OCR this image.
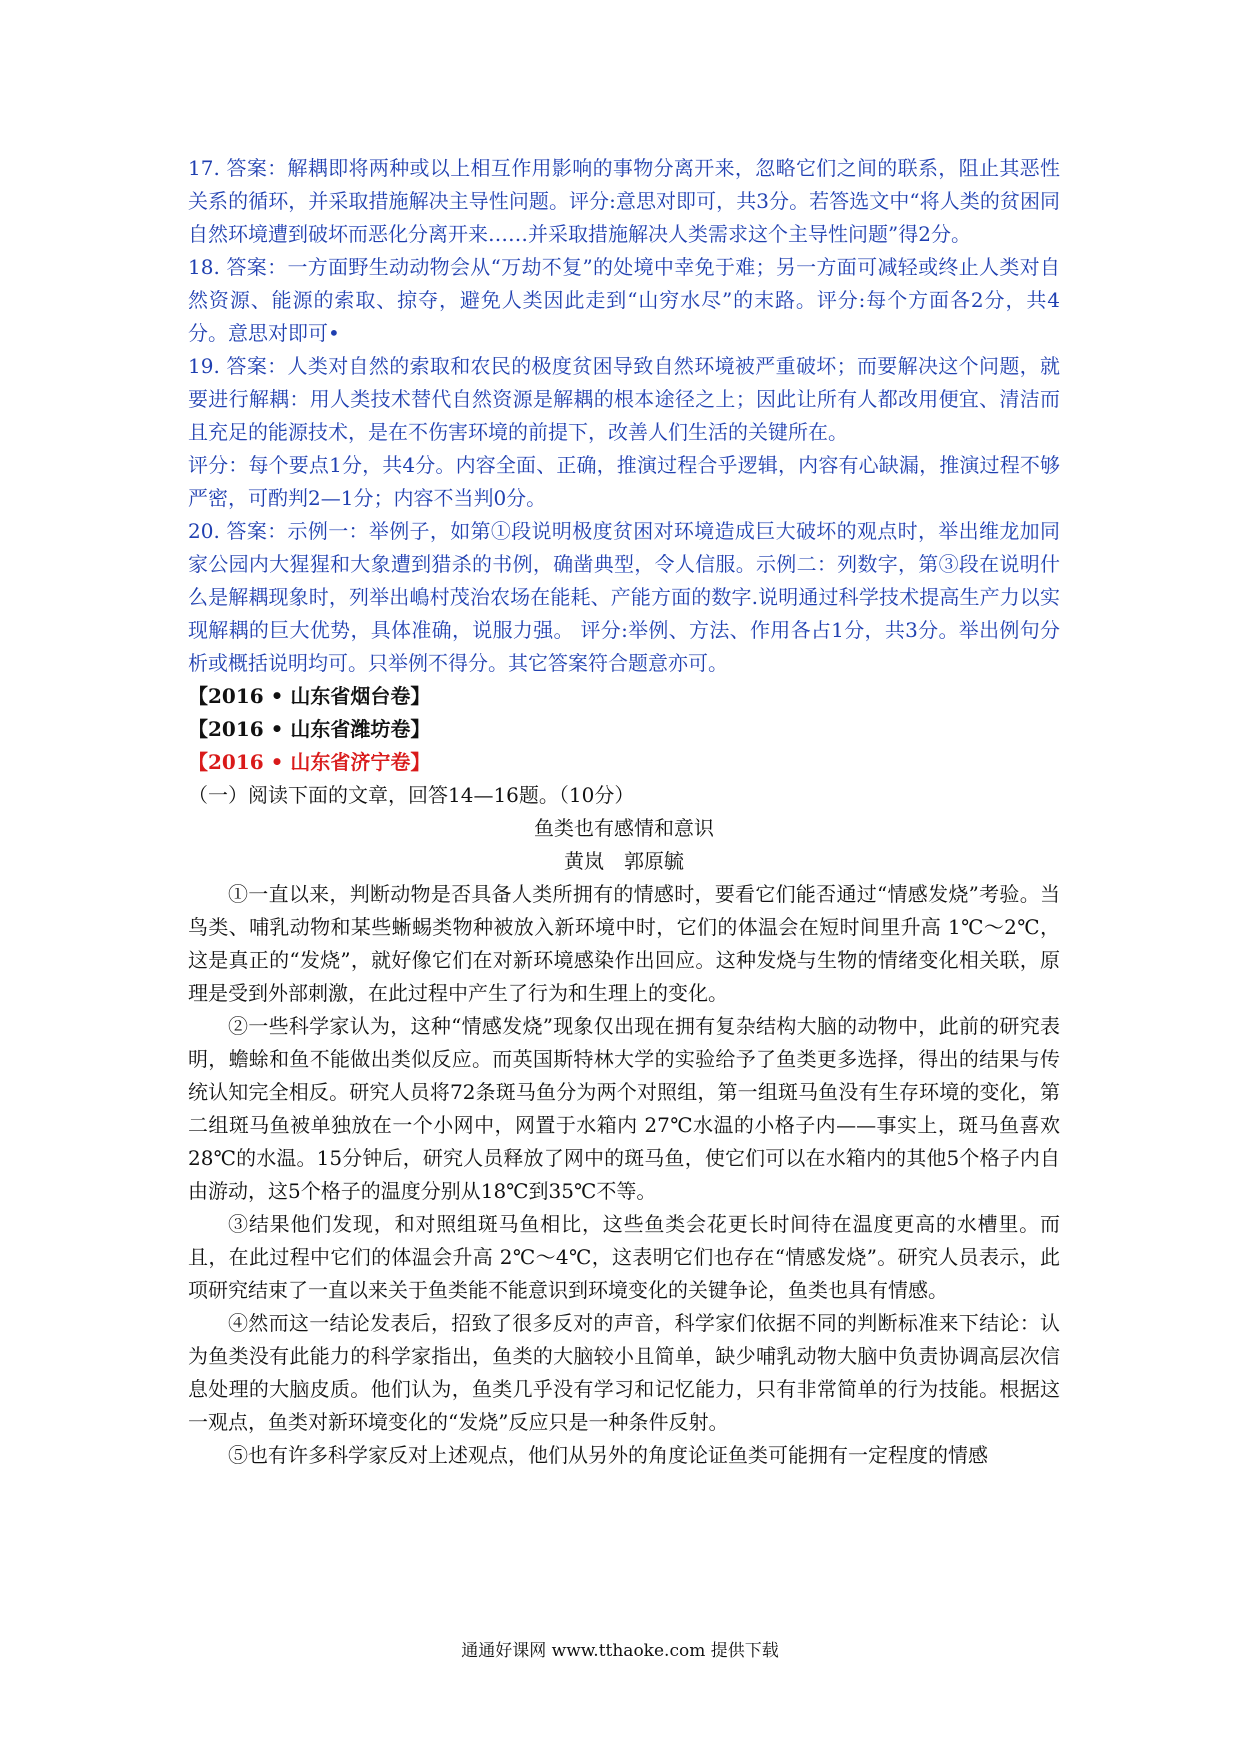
17. 答案：解耦即将两种或以上相互作用影响的事物分离开来，忽略它们之间的联系，阻止其恶性关系的循环，并采取措施解决主导性问题。评分:意思对即可，共3分。若答选文中“将人类的贫困同自然环境遭到破坏而恶化分离开来……并采取措施解决人类需求这个主导性问题”得2分。

18. 答案：一方面野生动动物会从“万劫不复”的处境中幸免于难；另一方面可减轻或终止人类对自然资源、能源的索取、掠夺，避免人类因此走到“山穷水尽”的末路。评分:每个方面各2分，共4分。意思对即可•

19. 答案：人类对自然的索取和农民的极度贫困导致自然环境被严重破坏；而要解决这个问题，就要进行解耦：用人类技术替代自然资源是解耦的根本途径之上；因此让所有人都改用便宜、清洁而且充足的能源技术，是在不伤害环境的前提下，改善人们生活的关键所在。

评分：每个要点1分，共4分。内容全面、正确，推演过程合乎逻辑，内容有心缺漏，推演过程不够严密，可酌判2—1分；内容不当判0分。

20. 答案：示例一：举例子，如第①段说明极度贫困对环境造成巨大破坏的观点时，举出维龙加同家公园内大猩猩和大象遭到猎杀的书例，确凿典型，令人信服。示例二：列数字，第③段在说明什么是解耦现象时，列举出嶋村茂治农场在能耗、产能方面的数字.说明通过科学技术提高生产力以实现解耦的巨大优势，具体准确，说服力强。 评分:举例、方法、作用各占1分，共3分。举出例句分析或概括说明均可。只举例不得分。其它答案符合题意亦可。

【2016 • 山东省烟台卷】

【2016 • 山东省潍坊卷】

【2016 • 山东省济宁卷】

（一）阅读下面的文章，回答14—16题。（10分）

鱼类也有感情和意识

黄岚　郭原毓

①一直以来，判断动物是否具备人类所拥有的情感时，要看它们能否通过“情感发烧”考验。当鸟类、哺乳动物和某些蜥蜴类物种被放入新环境中时，它们的体温会在短时间里升高 1℃～2℃，这是真正的“发烧”，就好像它们在对新环境感染作出回应。这种发烧与生物的情绪变化相关联，原理是受到外部刺激，在此过程中产生了行为和生理上的变化。

②一些科学家认为，这种“情感发烧”现象仅出现在拥有复杂结构大脑的动物中，此前的研究表明，蟾蜍和鱼不能做出类似反应。而英国斯特林大学的实验给予了鱼类更多选择，得出的结果与传统认知完全相反。研究人员将72条斑马鱼分为两个对照组，第一组斑马鱼没有生存环境的变化，第二组斑马鱼被单独放在一个小网中，网置于水箱内 27℃水温的小格子内——事实上，斑马鱼喜欢28℃的水温。15分钟后，研究人员释放了网中的斑马鱼，使它们可以在水箱内的其他5个格子内自由游动，这5个格子的温度分别从18℃到35℃不等。

③结果他们发现，和对照组斑马鱼相比，这些鱼类会花更长时间待在温度更高的水槽里。而且，在此过程中它们的体温会升高 2℃～4℃，这表明它们也存在“情感发烧”。研究人员表示，此项研究结束了一直以来关于鱼类能不能意识到环境变化的关键争论，鱼类也具有情感。

④然而这一结论发表后，招致了很多反对的声音，科学家们依据不同的判断标准来下结论：认为鱼类没有此能力的科学家指出，鱼类的大脑较小且简单，缺少哺乳动物大脑中负责协调高层次信息处理的大脑皮质。他们认为，鱼类几乎没有学习和记忆能力，只有非常简单的行为技能。根据这一观点，鱼类对新环境变化的“发烧”反应只是一种条件反射。

⑤也有许多科学家反对上述观点，他们从另外的角度论证鱼类可能拥有一定程度的情感

通通好课网 www.tthaoke.com 提供下载
